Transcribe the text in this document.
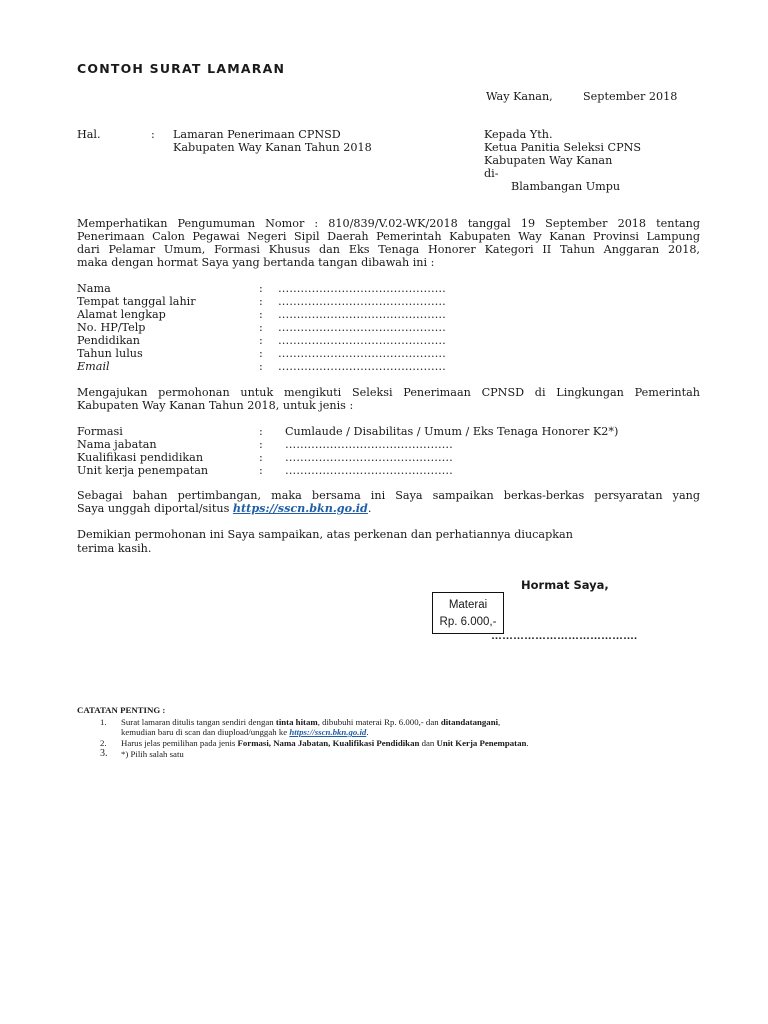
CONTOH SURAT LAMARAN
Way Kanan,	September 2018
Hal.	: Lamaran Penerimaan CPNSD
Kabupaten Way Kanan Tahun 2018
Kepada Yth.
Ketua Panitia Seleksi CPNS
Kabupaten Way Kanan
di-
Blambangan Umpu
Memperhatikan Pengumuman Nomor : 810/839/V.02-WK/2018 tanggal 19 September 2018 tentang
Penerimaan Calon Pegawai Negeri Sipil Daerah Pemerintah Kabupaten Way Kanan Provinsi Lampung
dari Pelamar Umum, Formasi Khusus dan Eks Tenaga Honorer Kategori II Tahun Anggaran 2018,
maka dengan hormat Saya yang bertanda tangan dibawah ini :
Nama	: ………………………………………
Tempat tanggal lahir	: ………………………………………
Alamat lengkap	: ………………………………………
No. HP/Telp	: ………………………………………
Pendidikan	: ………………………………………
Tahun lulus	: ………………………………………
Email	: ………………………………………
Mengajukan permohonan untuk mengikuti Seleksi Penerimaan CPNSD di Lingkungan Pemerintah
Kabupaten Way Kanan Tahun 2018, untuk jenis :
Formasi	: Cumlaude / Disabilitas / Umum / Eks Tenaga Honorer K2*)
Nama jabatan	: ………………………………………
Kualifikasi pendidikan	: ………………………………………
Unit kerja penempatan	: ………………………………………
Sebagai bahan pertimbangan, maka bersama ini Saya sampaikan berkas-berkas persyaratan yang
Saya unggah diportal/situs https://sscn.bkn.go.id.
Demikian permohonan ini Saya sampaikan, atas perkenan dan perhatiannya diucapkan
terima kasih.
Hormat Saya,
Materai
Rp. 6.000,-
………………………………….
CATATAN PENTING :
1. Surat lamaran ditulis tangan sendiri dengan tinta hitam, dibubuhi materai Rp. 6.000,- dan ditandatangani,
kemudian baru di scan dan diupload/unggah ke https://sscn.bkn.go.id.
2. Harus jelas pemilihan pada jenis Formasi, Nama Jabatan, Kualifikasi Pendidikan dan Unit Kerja Penempatan.
3. *) Pilih salah satu
